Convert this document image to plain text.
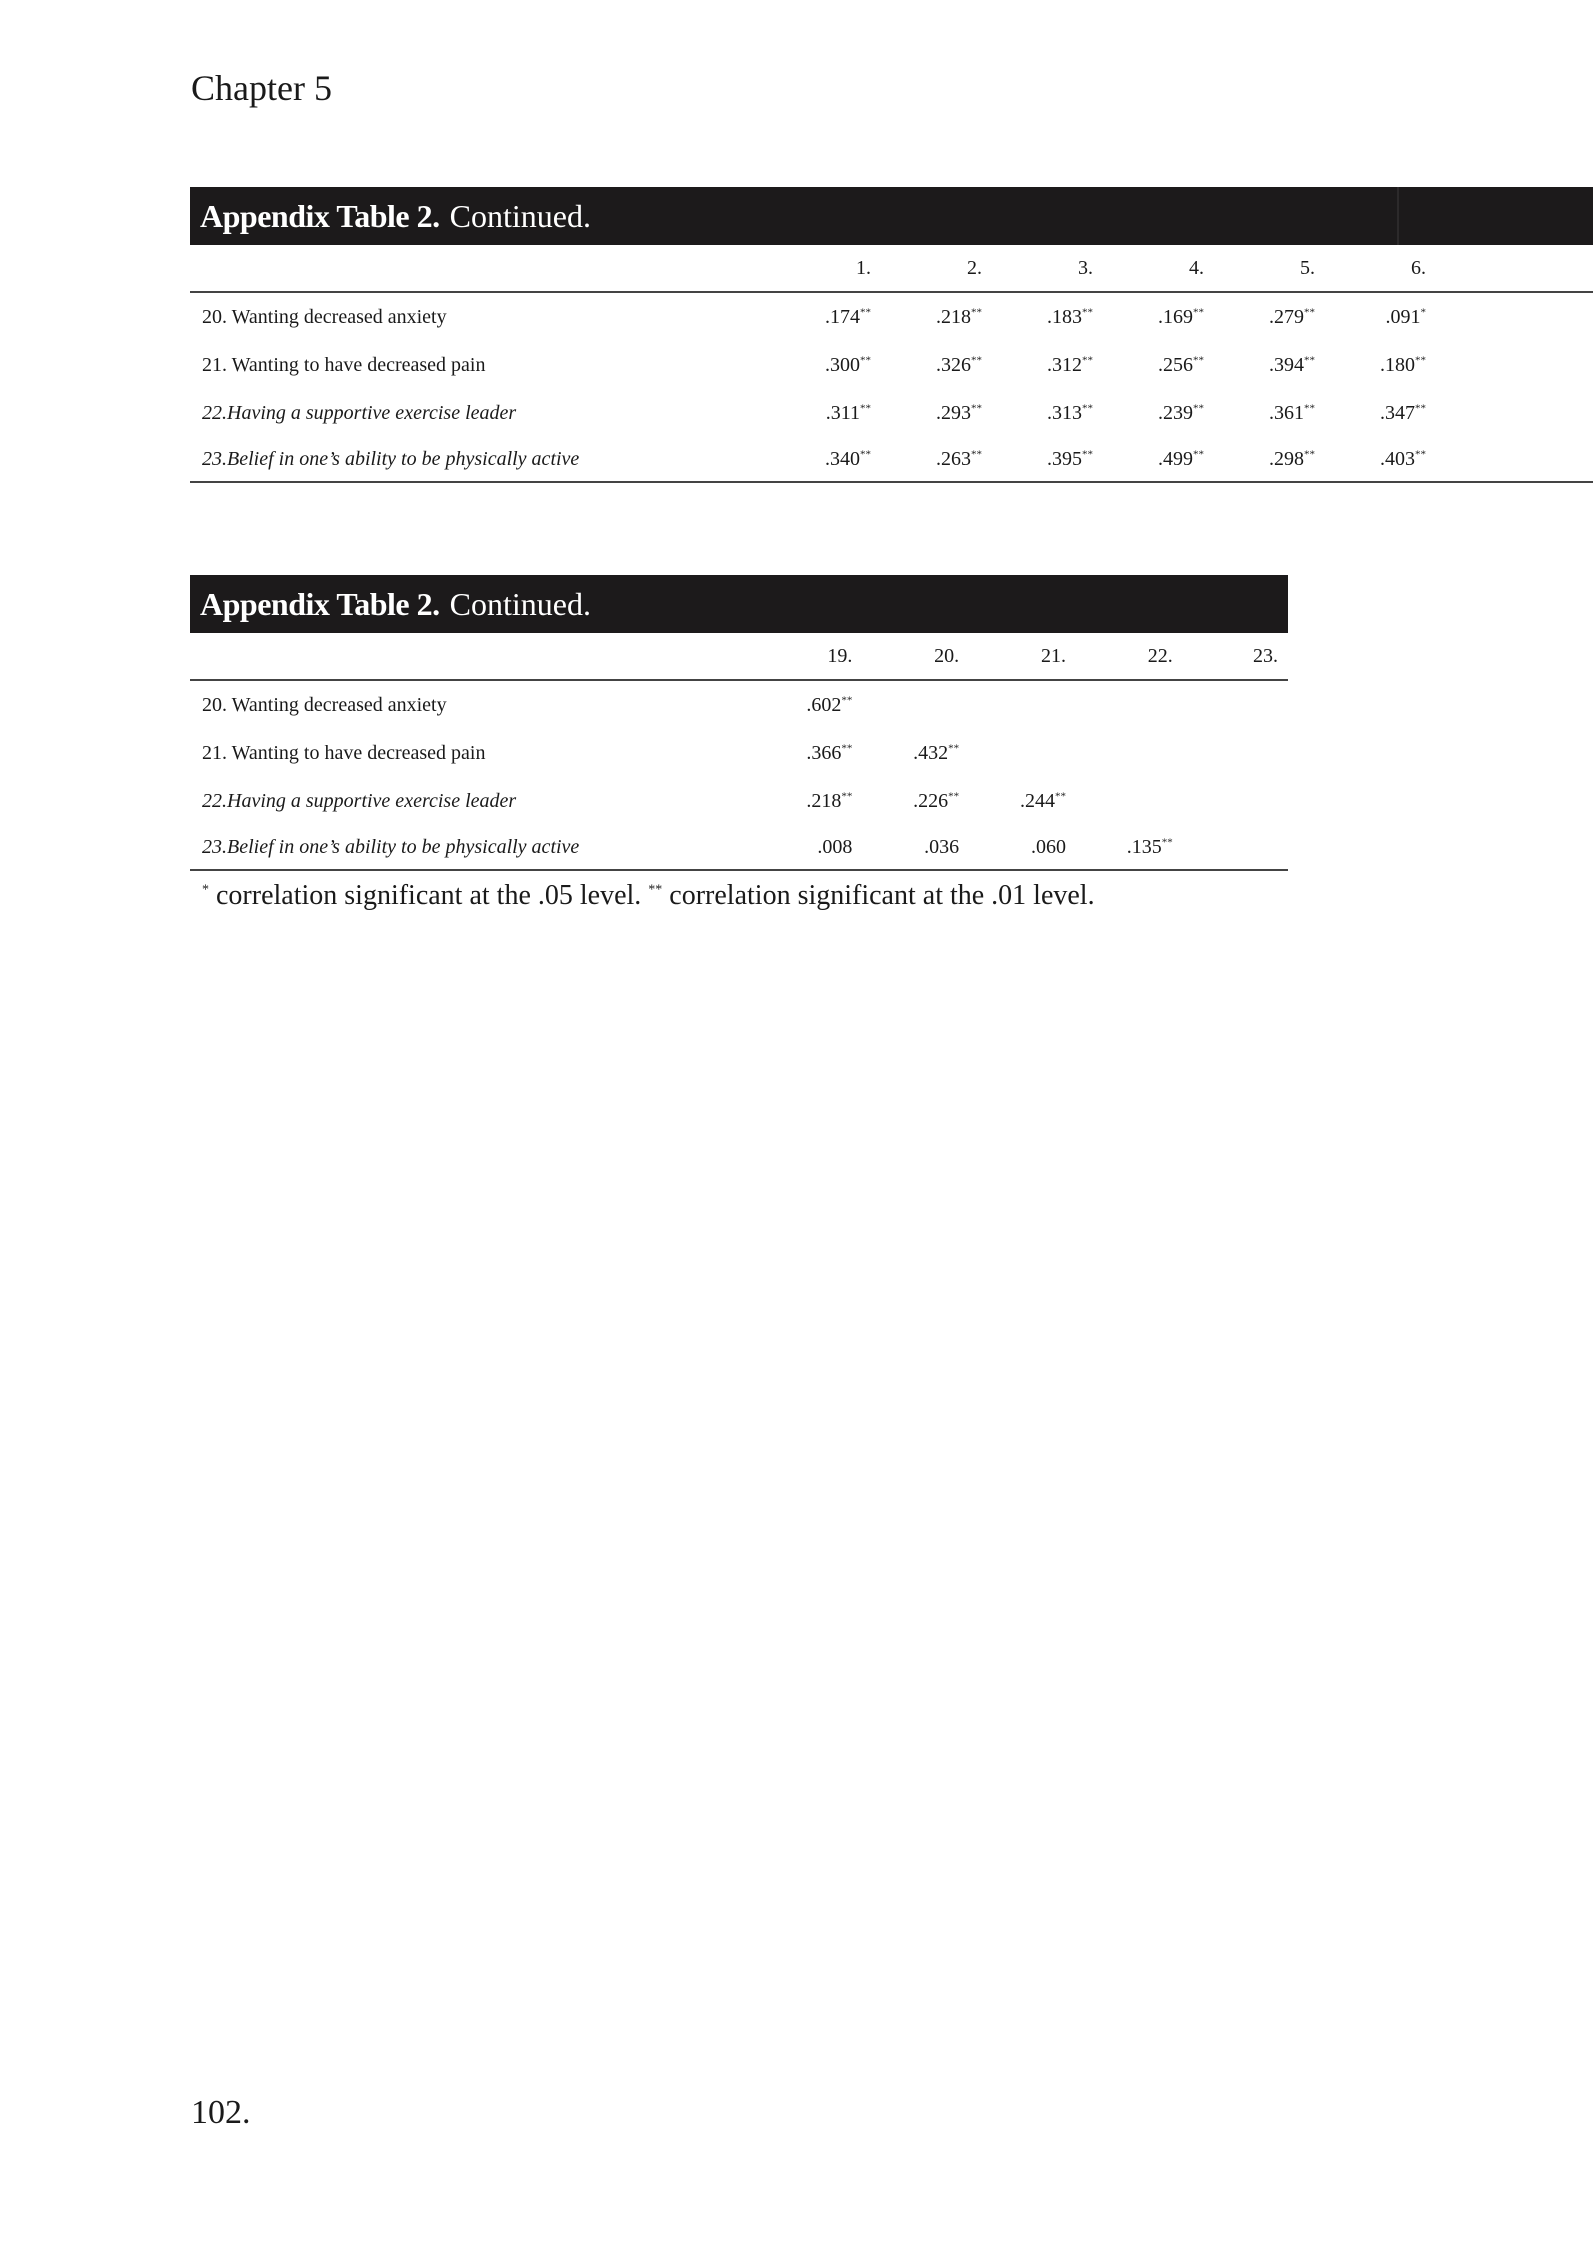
Chapter 5
Appendix Table 2. Continued.
	1.	2.	3.	4.	5.	6.	
20. Wanting decreased anxiety	.174**	.218**	.183**	.169**	.279**	.091*	
21. Wanting to have decreased pain	.300**	.326**	.312**	.256**	.394**	.180**	
22.Having a supportive exercise leader	.311**	.293**	.313**	.239**	.361**	.347**	
23.Belief in one’s ability to be physically active	.340**	.263**	.395**	.499**	.298**	.403**	
Appendix Table 2. Continued.
	19.	20.	21.	22.	23.
20. Wanting decreased anxiety	.602**				
21. Wanting to have decreased pain	.366**	.432**			
22.Having a supportive exercise leader	.218**	.226**	.244**		
23.Belief in one’s ability to be physically active	.008	.036	.060	.135**	
* correlation significant at the .05 level. ** correlation significant at the .01 level.
102.
